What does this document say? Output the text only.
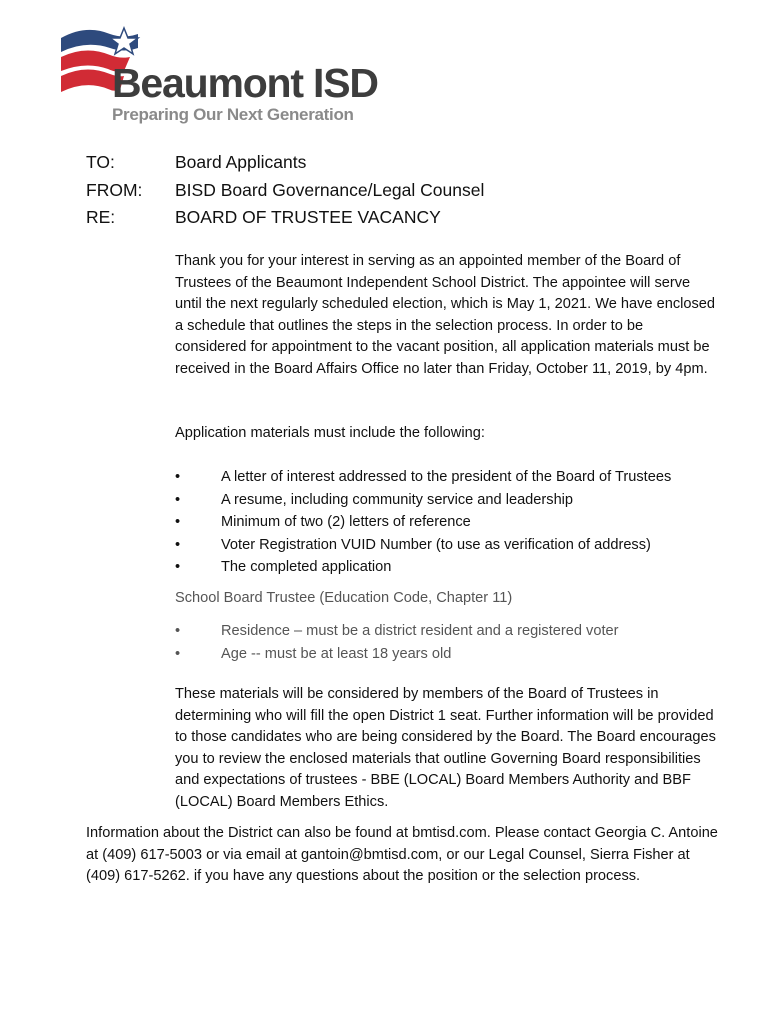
Beaumont ISD
Preparing Our Next Generation
TO:	Board Applicants
FROM: BISD Board Governance/Legal Counsel
RE:	BOARD OF TRUSTEE VACANCY
Thank you for your interest in serving as an appointed member of the Board of Trustees of the Beaumont Independent School District. The appointee will serve until the next regularly scheduled election, which is May 1, 2021. We have enclosed a schedule that outlines the steps in the selection process. In order to be considered for appointment to the vacant position, all application materials must be received in the Board Affairs Office no later than Friday, October 11, 2019, by 4pm.
Application materials must include the following:
•	A letter of interest addressed to the president of the Board of Trustees
•	A resume, including community service and leadership
•	Minimum of two (2) letters of reference
•	Voter Registration VUID Number (to use as verification of address)
•	The completed application
School Board Trustee (Education Code, Chapter 11)
•	Residence – must be a district resident and a registered voter
•	Age -- must be at least 18 years old
These materials will be considered by members of the Board of Trustees in determining who will fill the open District 1 seat. Further information will be provided to those candidates who are being considered by the Board. The Board encourages you to review the enclosed materials that outline Governing Board responsibilities and expectations of trustees - BBE (LOCAL) Board Members Authority and BBF (LOCAL) Board Members Ethics.
Information about the District can also be found at bmtisd.com. Please contact Georgia C. Antoine at (409) 617-5003 or via email at gantoin@bmtisd.com, or our Legal Counsel, Sierra Fisher at (409) 617-5262. if you have any questions about the position or the selection process.
